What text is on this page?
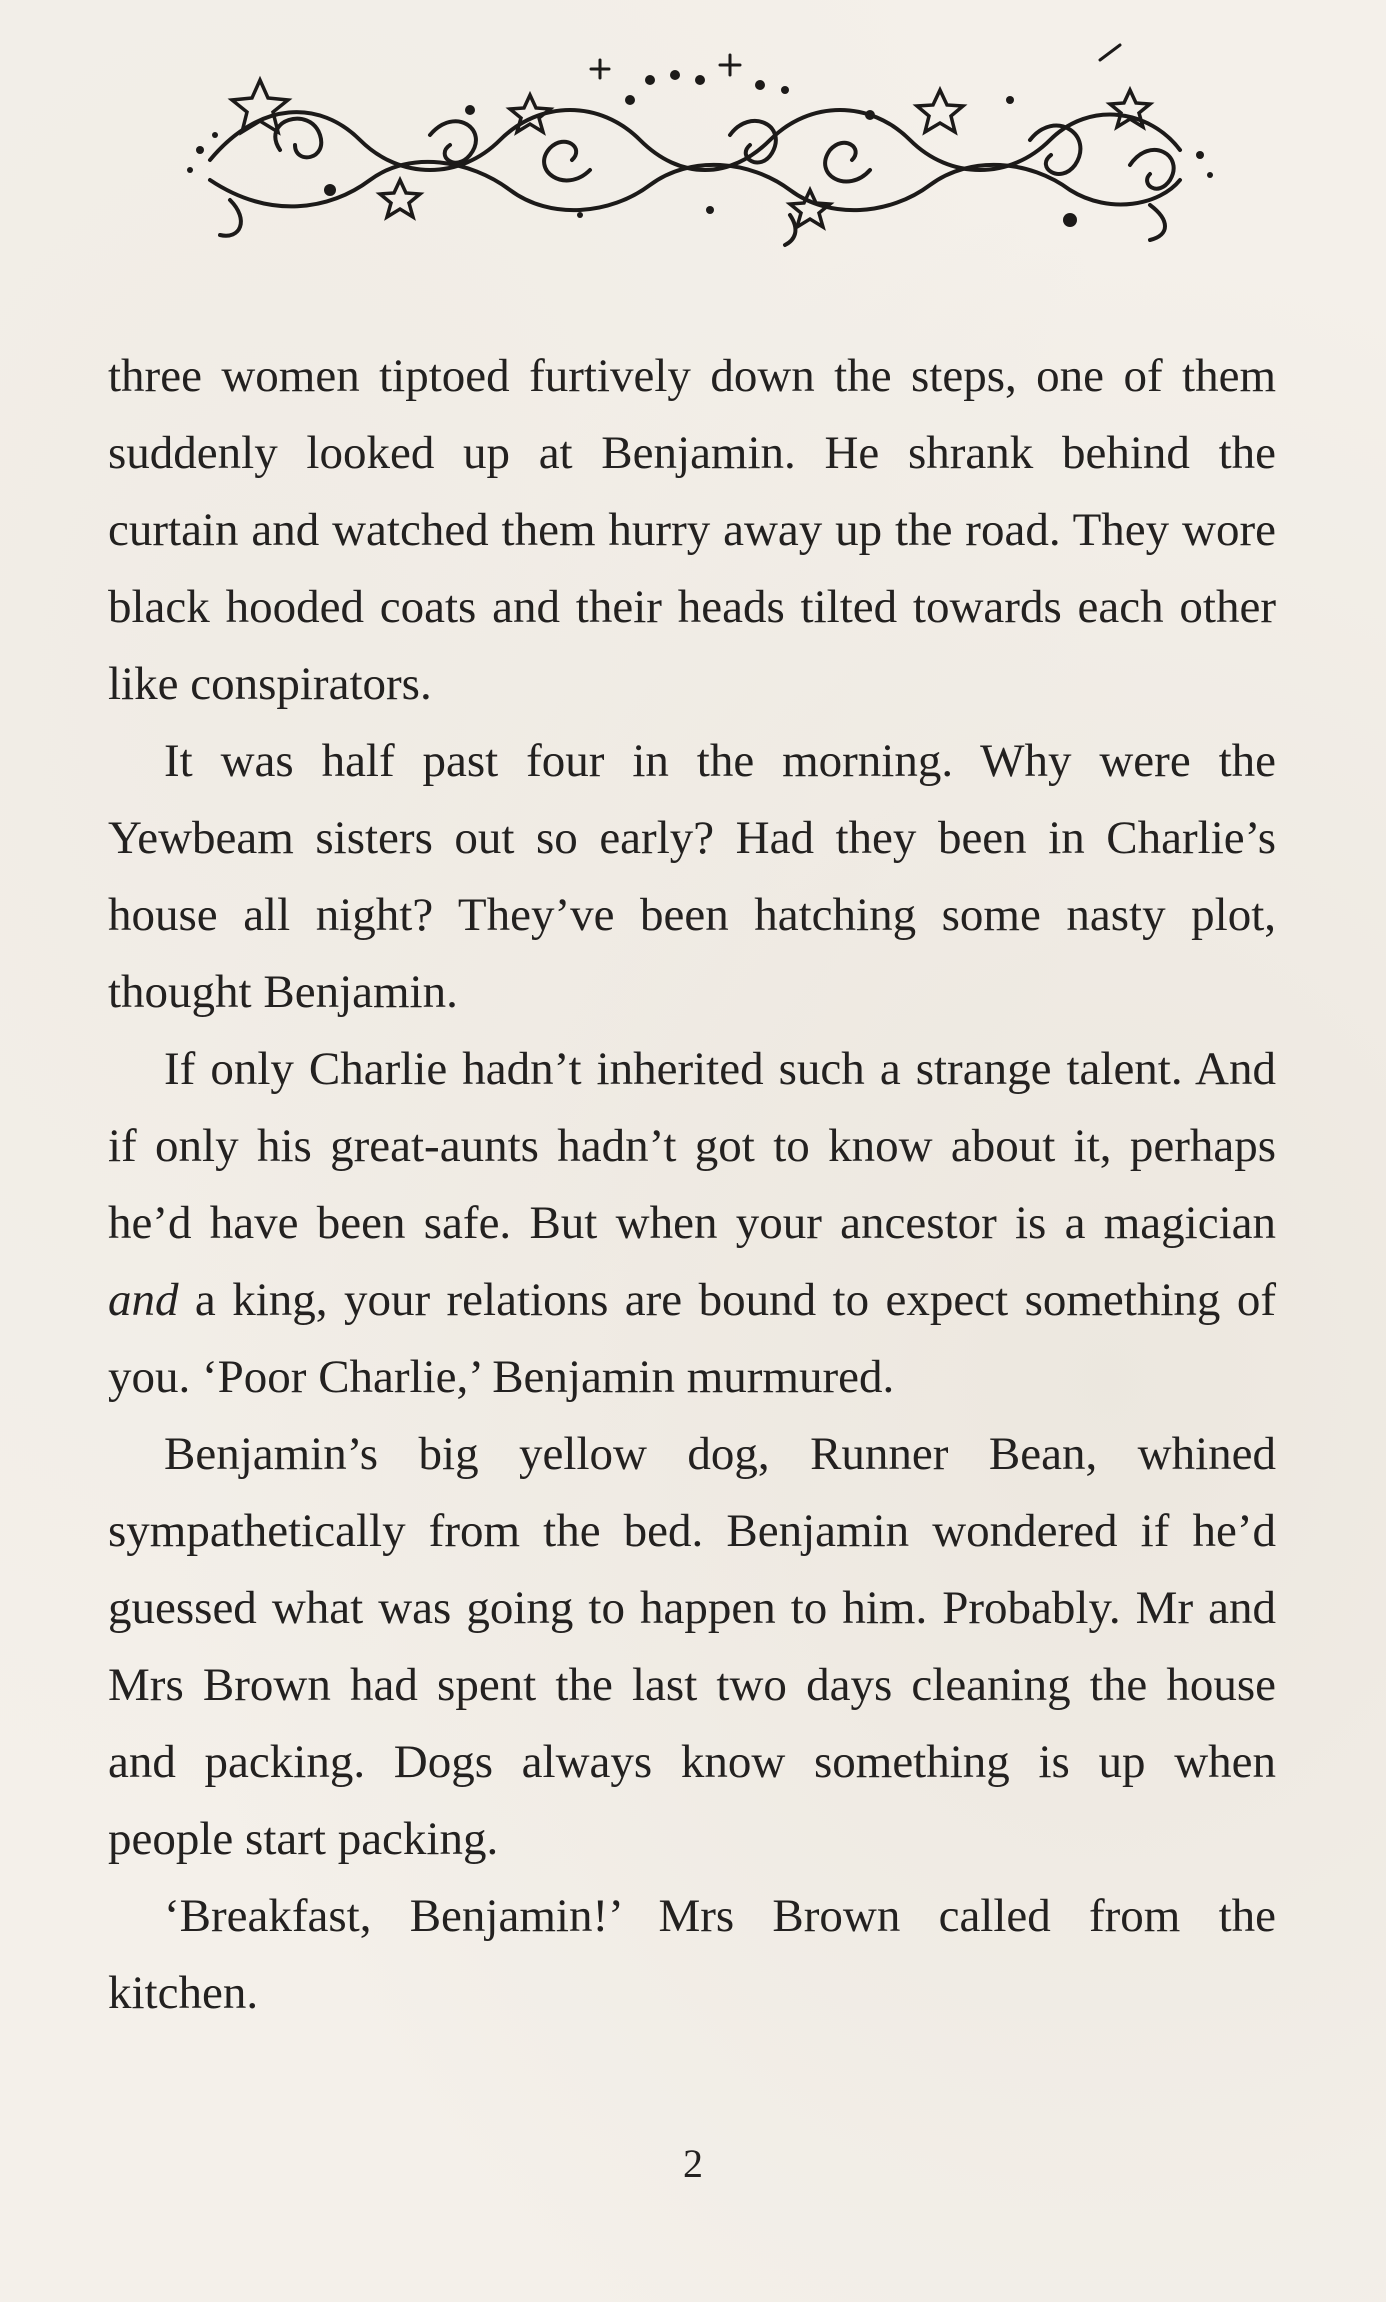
three women tiptoed furtively down the steps, one of them suddenly looked up at Benjamin. He shrank behind the curtain and watched them hurry away up the road. They wore black hooded coats and their heads tilted towards each other like conspirators.

It was half past four in the morning. Why were the Yewbeam sisters out so early? Had they been in Charlie’s house all night? They’ve been hatching some nasty plot, thought Benjamin.

If only Charlie hadn’t inherited such a strange talent. And if only his great-aunts hadn’t got to know about it, perhaps he’d have been safe. But when your ancestor is a magician and a king, your relations are bound to expect something of you. ‘Poor Charlie,’ Benjamin murmured.

Benjamin’s big yellow dog, Runner Bean, whined sympathetically from the bed. Benjamin wondered if he’d guessed what was going to happen to him. Probably. Mr and Mrs Brown had spent the last two days cleaning the house and packing. Dogs always know something is up when people start packing.

‘Breakfast, Benjamin!’ Mrs Brown called from the kitchen.

2
